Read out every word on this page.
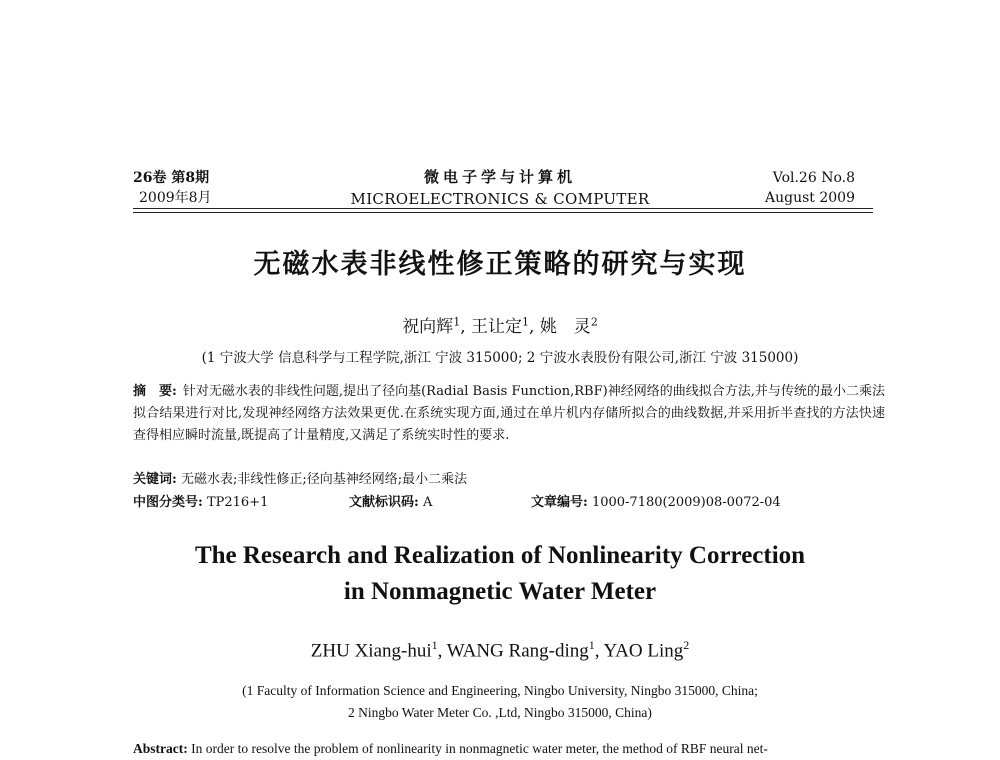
26卷 第8期
2009年8月
微电子学与计算机
MICROELECTRONICS & COMPUTER
Vol.26 No.8
August 2009
无磁水表非线性修正策略的研究与实现
祝向辉$^1$, 王让定$^1$, 姚　灵$^2$
(1 宁波大学 信息科学与工程学院,浙江 宁波 315000; 2 宁波水表股份有限公司,浙江 宁波 315000)
摘　要: 针对无磁水表的非线性问题,提出了径向基(Radial Basis Function,RBF)神经网络的曲线拟合方法,并与传统的最小二乘法拟合结果进行对比,发现神经网络方法效果更优.在系统实现方面,通过在单片机内存储所拟合的曲线数据,并采用折半查找的方法快速查得相应瞬时流量,既提高了计量精度,又满足了系统实时性的要求.
关键词: 无磁水表;非线性修正;径向基神经网络;最小二乘法
中图分类号: TP216+1	文献标识码: A	文章编号: 1000-7180(2009)08-0072-04
The Research and Realization of Nonlinearity Correction
in Nonmagnetic Water Meter
ZHU Xiang-hui$^1$, WANG Rang-ding$^1$, YAO Ling$^2$
(1 Faculty of Information Science and Engineering, Ningbo University, Ningbo 315000, China;
2 Ningbo Water Meter Co. ,Ltd, Ningbo 315000, China)
Abstract: In order to resolve the problem of nonlinearity in nonmagnetic water meter, the method of RBF neural net-
